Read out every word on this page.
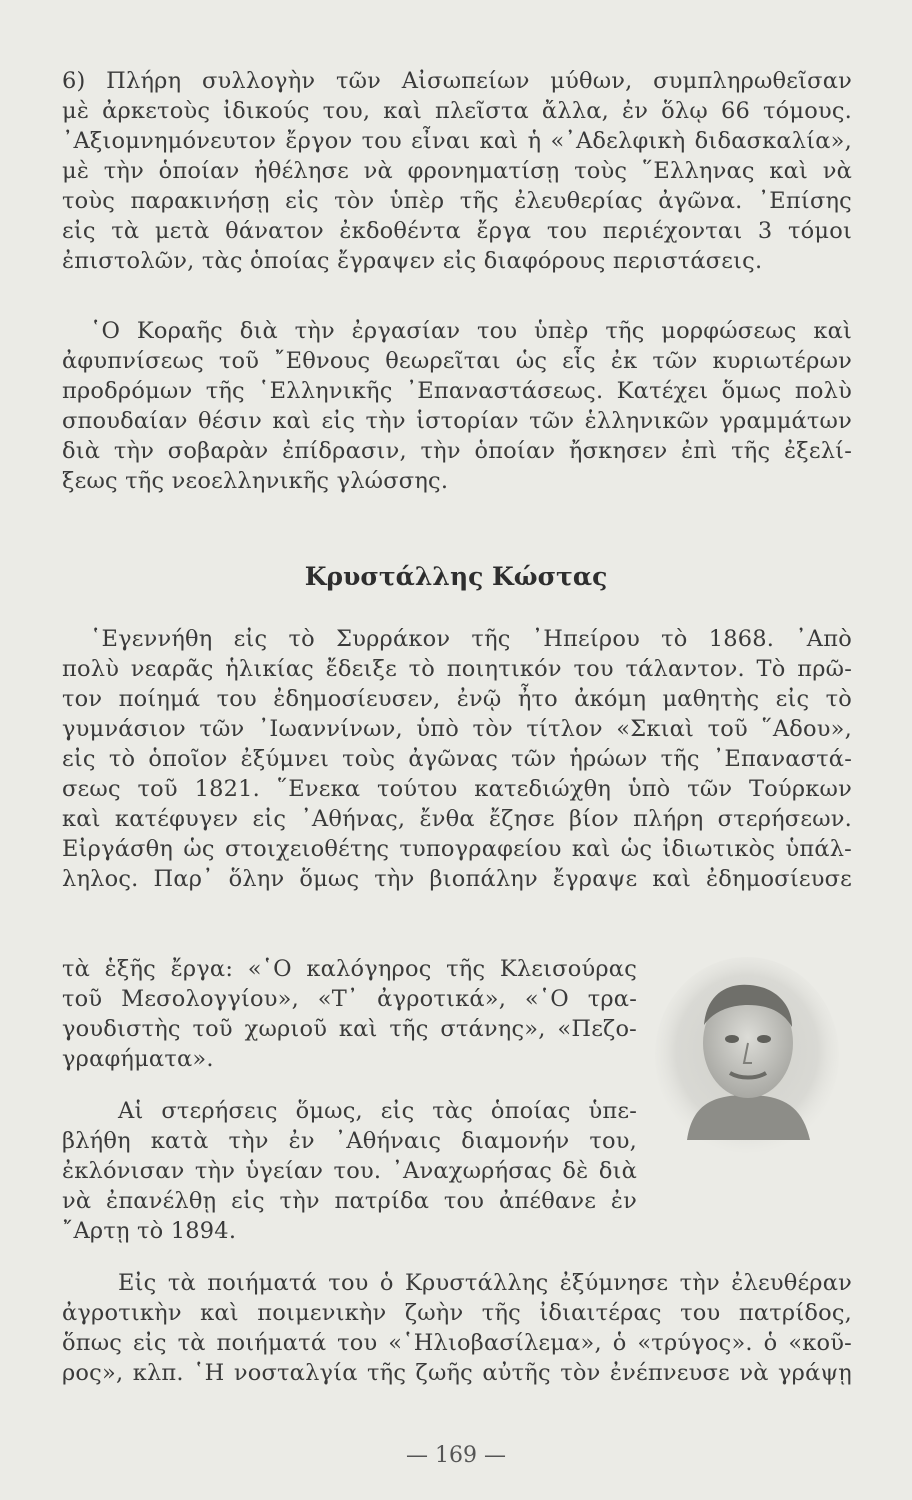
6) Πλήρη συλλογὴν τῶν Αἰσωπείων μύθων, συμπληρωθεῖσαν
μὲ ἀρκετοὺς ἰδικούς του, καὶ πλεῖστα ἄλλα, ἐν ὅλῳ 66 τόμους.
᾿Αξιομνημόνευτον ἔργον του εἶναι καὶ ἡ «᾿Αδελφικὴ διδασκαλία»,
μὲ τὴν ὁποίαν ἠθέλησε νὰ φρονηματίσῃ τοὺς ῞Ελληνας καὶ νὰ
τοὺς παρακινήσῃ εἰς τὸν ὑπὲρ τῆς ἐλευθερίας ἀγῶνα. ᾿Επίσης
εἰς τὰ μετὰ θάνατον ἐκδοθέντα ἔργα του περιέχονται 3 τόμοι
ἐπιστολῶν, τὰς ὁποίας ἔγραψεν εἰς διαφόρους περιστάσεις.
῾Ο Κοραῆς διὰ τὴν ἐργασίαν του ὑπὲρ τῆς μορφώσεως καὶ
ἀφυπνίσεως τοῦ ῎Εθνους θεωρεῖται ὡς εἷς ἐκ τῶν κυριωτέρων
προδρόμων τῆς ῾Ελληνικῆς ᾿Επαναστάσεως. Κατέχει ὅμως πολὺ
σπουδαίαν θέσιν καὶ εἰς τὴν ἱστορίαν τῶν ἑλληνικῶν γραμμάτων
διὰ τὴν σοβαρὰν ἐπίδρασιν, τὴν ὁποίαν ἤσκησεν ἐπὶ τῆς ἐξελί-
ξεως τῆς νεοελληνικῆς γλώσσης.
Κρυστάλλης Κώστας
῾Εγεννήθη εἰς τὸ Συρράκον τῆς ᾿Ηπείρου τὸ 1868. ᾿Απὸ
πολὺ νεαρᾶς ἡλικίας ἔδειξε τὸ ποιητικόν του τάλαντον. Τὸ πρῶ-
τον ποίημά του ἐδημοσίευσεν, ἐνῷ ἦτο ἀκόμη μαθητὴς εἰς τὸ
γυμνάσιον τῶν ᾿Ιωαννίνων, ὑπὸ τὸν τίτλον «Σκιαὶ τοῦ ῞Αδου»,
εἰς τὸ ὁποῖον ἐξύμνει τοὺς ἀγῶνας τῶν ἡρώων τῆς ᾿Επαναστά-
σεως τοῦ 1821. ῞Ενεκα τούτου κατεδιώχθη ὑπὸ τῶν Τούρκων
καὶ κατέφυγεν εἰς ᾿Αθήνας, ἔνθα ἔζησε βίον πλήρη στερήσεων.
Εἰργάσθη ὡς στοιχειοθέτης τυπογραφείου καὶ ὡς ἰδιωτικὸς ὑπάλ-
ληλος. Παρ᾿ ὅλην ὅμως τὴν βιοπάλην ἔγραψε καὶ ἐδημοσίευσε
τὰ ἑξῆς ἔργα: «῾Ο καλόγηρος τῆς Κλεισούρας
τοῦ Μεσολογγίου», «Τ᾿ ἀγροτικά», «῾Ο τρα-
γουδιστὴς τοῦ χωριοῦ καὶ τῆς στάνης», «Πεζο-
γραφήματα».
Αἱ στερήσεις ὅμως, εἰς τὰς ὁποίας ὑπε-
βλήθη κατὰ τὴν ἐν ᾿Αθήναις διαμονήν του,
ἐκλόνισαν τὴν ὑγείαν του. ᾿Αναχωρήσας δὲ διὰ
νὰ ἐπανέλθῃ εἰς τὴν πατρίδα του ἀπέθανε ἐν
῎Αρτῃ τὸ 1894.
Εἰς τὰ ποιήματά του ὁ Κρυστάλλης ἐξύμνησε τὴν ἐλευθέραν
ἀγροτικὴν καὶ ποιμενικὴν ζωὴν τῆς ἰδιαιτέρας του πατρίδος,
ὅπως εἰς τὰ ποιήματά του «῾Ηλιοβασίλεμα», ὁ «τρύγος». ὁ «κοῦ-
ρος», κλπ. ῾Η νοσταλγία τῆς ζωῆς αὐτῆς τὸν ἐνέπνευσε νὰ γράψῃ
— 169 —
